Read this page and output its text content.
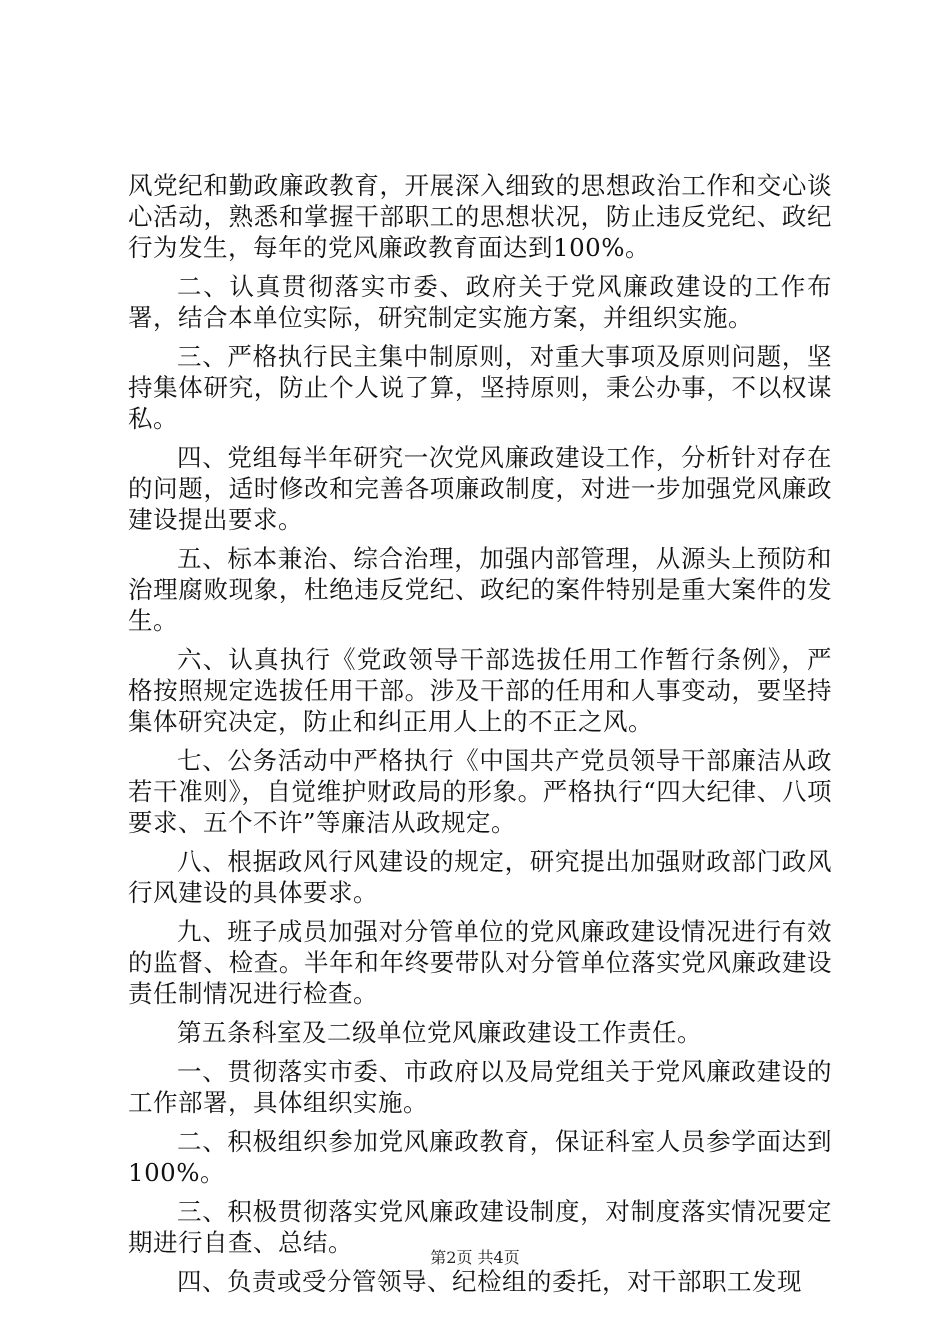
风党纪和勤政廉政教育，开展深入细致的思想政治工作和交心谈心活动，熟悉和掌握干部职工的思想状况，防止违反党纪、政纪行为发生，每年的党风廉政教育面达到100%。

二、认真贯彻落实市委、政府关于党风廉政建设的工作布署，结合本单位实际，研究制定实施方案，并组织实施。

三、严格执行民主集中制原则，对重大事项及原则问题，坚持集体研究，防止个人说了算，坚持原则，秉公办事，不以权谋私。

四、党组每半年研究一次党风廉政建设工作，分析针对存在的问题，适时修改和完善各项廉政制度，对进一步加强党风廉政建设提出要求。

五、标本兼治、综合治理，加强内部管理，从源头上预防和治理腐败现象，杜绝违反党纪、政纪的案件特别是重大案件的发生。

六、认真执行《党政领导干部选拔任用工作暂行条例》，严格按照规定选拔任用干部。涉及干部的任用和人事变动，要坚持集体研究决定，防止和纠正用人上的不正之风。

七、公务活动中严格执行《中国共产党员领导干部廉洁从政若干准则》，自觉维护财政局的形象。严格执行“四大纪律、八项要求、五个不许”等廉洁从政规定。

八、根据政风行风建设的规定，研究提出加强财政部门政风行风建设的具体要求。

九、班子成员加强对分管单位的党风廉政建设情况进行有效的监督、检查。半年和年终要带队对分管单位落实党风廉政建设责任制情况进行检查。

第五条科室及二级单位党风廉政建设工作责任。

一、贯彻落实市委、市政府以及局党组关于党风廉政建设的工作部署，具体组织实施。

二、积极组织参加党风廉政教育，保证科室人员参学面达到100%。

三、积极贯彻落实党风廉政建设制度，对制度落实情况要定期进行自查、总结。

四、负责或受分管领导、纪检组的委托，对干部职工发现

第2页 共4页
